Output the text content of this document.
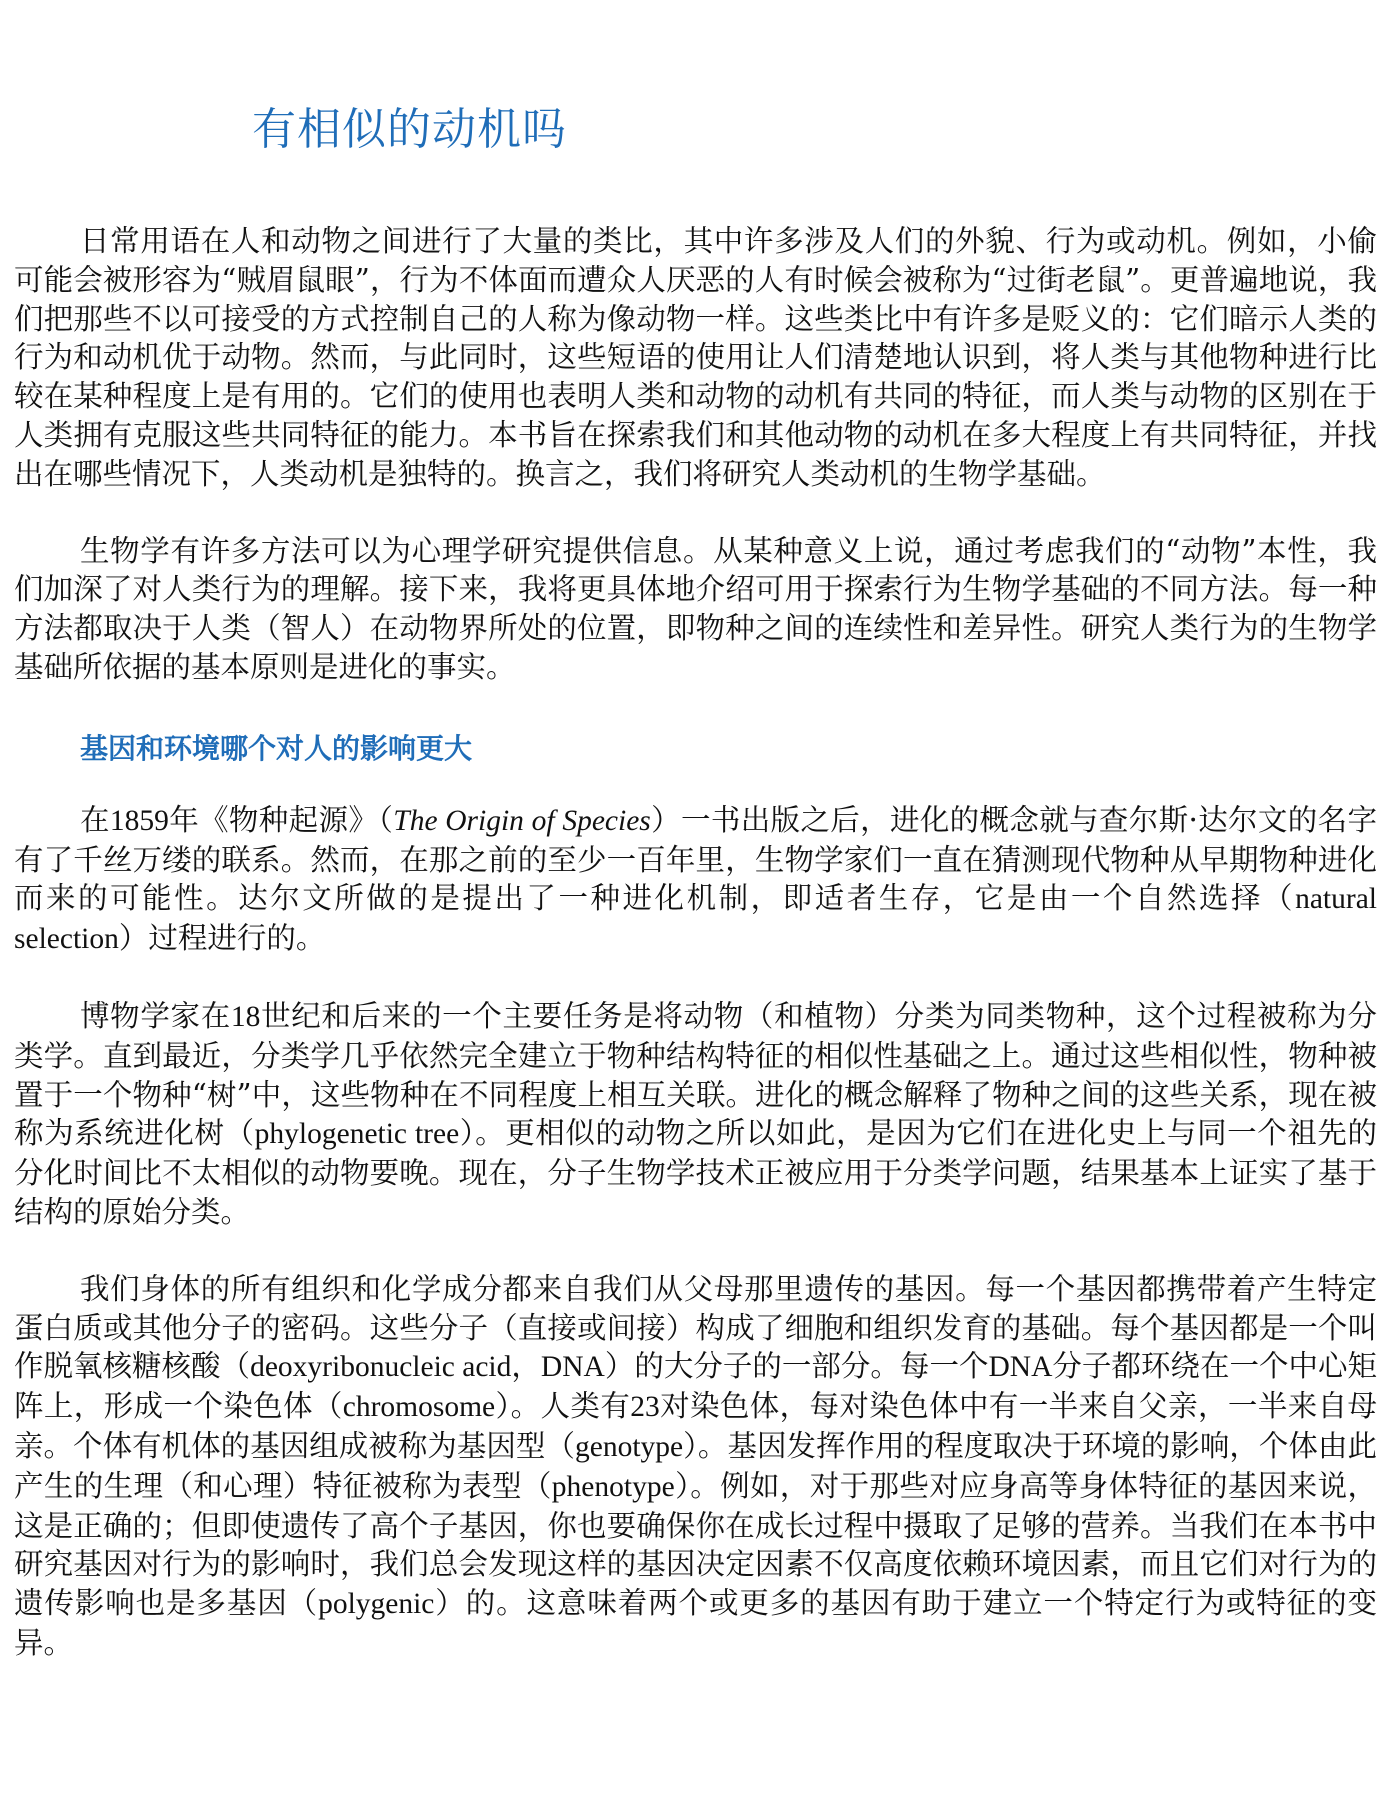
有相似的动机吗

日常用语在人和动物之间进行了大量的类比，其中许多涉及人们的外貌、行为或动机。例如，小偷可能会被形容为“贼眉鼠眼”，行为不体面而遭众人厌恶的人有时候会被称为“过街老鼠”。更普遍地说，我们把那些不以可接受的方式控制自己的人称为像动物一样。这些类比中有许多是贬义的：它们暗示人类的行为和动机优于动物。然而，与此同时，这些短语的使用让人们清楚地认识到，将人类与其他物种进行比较在某种程度上是有用的。它们的使用也表明人类和动物的动机有共同的特征，而人类与动物的区别在于人类拥有克服这些共同特征的能力。本书旨在探索我们和其他动物的动机在多大程度上有共同特征，并找出在哪些情况下，人类动机是独特的。换言之，我们将研究人类动机的生物学基础。

生物学有许多方法可以为心理学研究提供信息。从某种意义上说，通过考虑我们的“动物”本性，我们加深了对人类行为的理解。接下来，我将更具体地介绍可用于探索行为生物学基础的不同方法。每一种方法都取决于人类（智人）在动物界所处的位置，即物种之间的连续性和差异性。研究人类行为的生物学基础所依据的基本原则是进化的事实。

基因和环境哪个对人的影响更大

在1859年《物种起源》（The Origin of Species）一书出版之后，进化的概念就与查尔斯·达尔文的名字有了千丝万缕的联系。然而，在那之前的至少一百年里，生物学家们一直在猜测现代物种从早期物种进化而来的可能性。达尔文所做的是提出了一种进化机制，即适者生存，它是由一个自然选择（natural selection）过程进行的。

博物学家在18世纪和后来的一个主要任务是将动物（和植物）分类为同类物种，这个过程被称为分类学。直到最近，分类学几乎依然完全建立于物种结构特征的相似性基础之上。通过这些相似性，物种被置于一个物种“树”中，这些物种在不同程度上相互关联。进化的概念解释了物种之间的这些关系，现在被称为系统进化树（phylogenetic tree）。更相似的动物之所以如此，是因为它们在进化史上与同一个祖先的分化时间比不太相似的动物要晚。现在，分子生物学技术正被应用于分类学问题，结果基本上证实了基于结构的原始分类。

我们身体的所有组织和化学成分都来自我们从父母那里遗传的基因。每一个基因都携带着产生特定蛋白质或其他分子的密码。这些分子（直接或间接）构成了细胞和组织发育的基础。每个基因都是一个叫作脱氧核糖核酸（deoxyribonucleic acid，DNA）的大分子的一部分。每一个DNA分子都环绕在一个中心矩阵上，形成一个染色体（chromosome）。人类有23对染色体，每对染色体中有一半来自父亲，一半来自母亲。个体有机体的基因组成被称为基因型（genotype）。基因发挥作用的程度取决于环境的影响，个体由此产生的生理（和心理）特征被称为表型（phenotype）。例如，对于那些对应身高等身体特征的基因来说，这是正确的；但即使遗传了高个子基因，你也要确保你在成长过程中摄取了足够的营养。当我们在本书中研究基因对行为的影响时，我们总会发现这样的基因决定因素不仅高度依赖环境因素，而且它们对行为的遗传影响也是多基因（polygenic）的。这意味着两个或更多的基因有助于建立一个特定行为或特征的变异。
